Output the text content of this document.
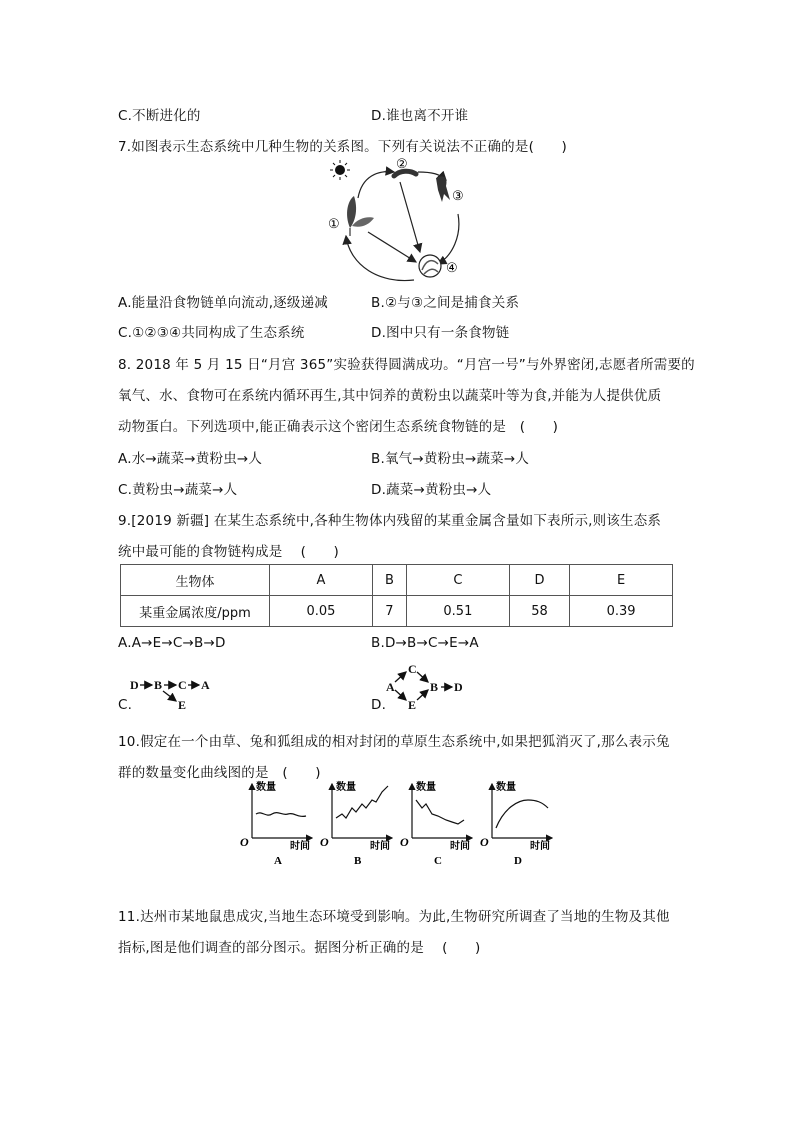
C.不断进化的	D.谁也离不开谁
7.如图表示生态系统中几种生物的关系图。下列有关说法不正确的是(　　)
①
②
③
④
A.能量沿食物链单向流动,逐级递减	B.②与③之间是捕食关系
C.①②③④共同构成了生态系统	D.图中只有一条食物链
8. 2018 年 5 月 15 日“月宫 365”实验获得圆满成功。“月宫一号”与外界密闭,志愿者所需要的
氧气、水、食物可在系统内循环再生,其中饲养的黄粉虫以蔬菜叶等为食,并能为人提供优质
动物蛋白。下列选项中,能正确表示这个密闭生态系统食物链的是　(　　)
A.水→蔬菜→黄粉虫→人	B.氧气→黄粉虫→蔬菜→人
C.黄粉虫→蔬菜→人	D.蔬菜→黄粉虫→人
9.[2019 新疆] 在某生态系统中,各种生物体内残留的某重金属含量如下表所示,则该生态系
统中最可能的食物链构成是　 (　　)
生物体	A	B	C	D	E
某重金属浓度/ppm	0.05	7	0.51	58	0.39
A.A→E→C→B→D	B.D→B→C→E→A
D B C A
E
C.
A
C
E
B D
D.
10.假定在一个由草、兔和狐组成的相对封闭的草原生态系统中,如果把狐消灭了,那么表示兔
群的数量变化曲线图的是　(　　)
数量
时间
O
A
数量
时间
O
B
数量
时间
O
C
数量
时间
O
D
11.达州市某地鼠患成灾,当地生态环境受到影响。为此,生物研究所调查了当地的生物及其他
指标,图是他们调查的部分图示。据图分析正确的是　 (　　)
